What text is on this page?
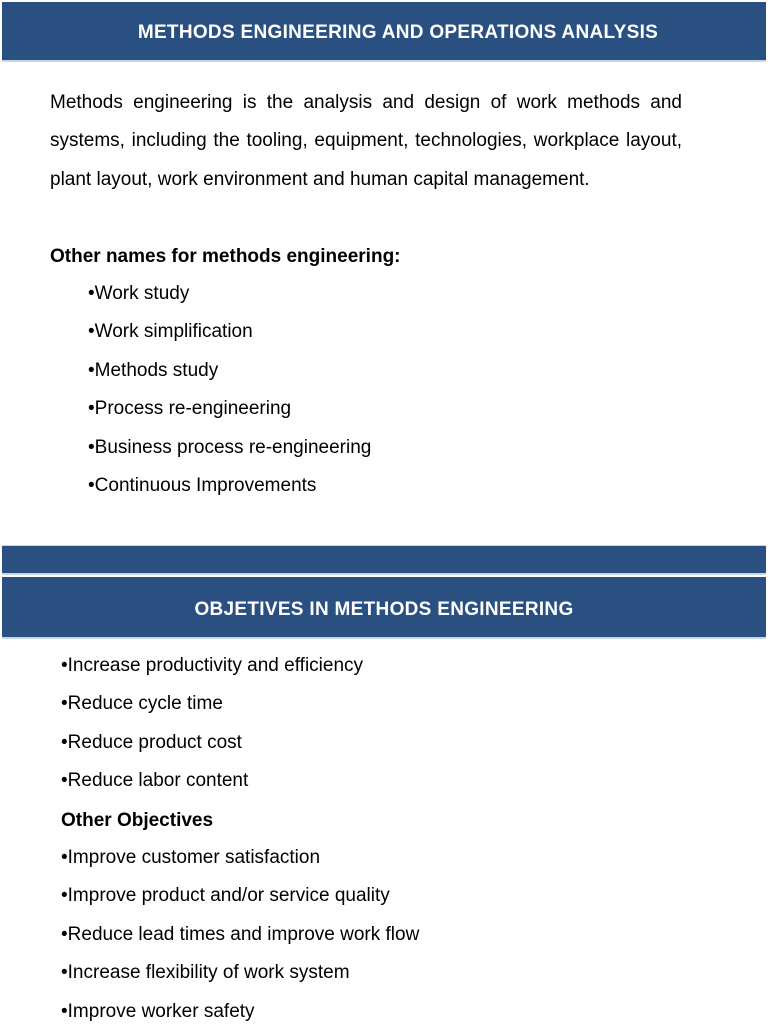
METHODS ENGINEERING AND OPERATIONS ANALYSIS
Methods engineering is the analysis and design of work methods and systems, including the tooling, equipment, technologies, workplace layout, plant layout, work environment and human capital management.
Other names for methods engineering:
•Work study
•Work simplification
•Methods study
•Process re-engineering
•Business process re-engineering
•Continuous Improvements
OBJETIVES IN METHODS ENGINEERING
•Increase productivity and efficiency
•Reduce cycle time
•Reduce product cost
•Reduce labor content
Other Objectives
•Improve customer satisfaction
•Improve product and/or service quality
•Reduce lead times and improve work flow
•Increase flexibility of work system
•Improve worker safety
